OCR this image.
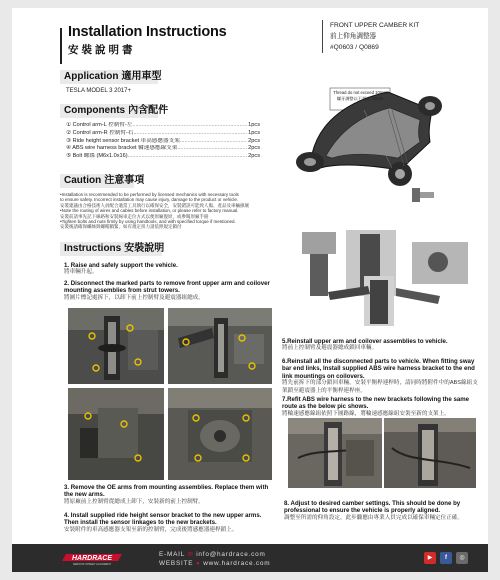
Installation Instructions
安裝說明書
FRONT UPPER CAMBER KIT
前上仰角調整器
#Q0603 / Q0869
Application 適用車型
TESLA MODEL 3 2017+
Components 內含配件
① Control arm-L 控制臂-左 .....	1pcs
② Control arm-R 控制臂-右 .....	1pcs
③ Ride height sensor bracket 車高感應器支架 .....	2pcs
④ ABS wire harness bracket 輪速感應線支架 .....	2pcs
⑤ Bolt 螺絲 (M6x1.0x16) .....	2pcs
Thread do not exceed 10mm
螺牙調整以不超過 10mm
Caution 注意事項
•Installation is recommended to be performed by licensed mechanics with necessary tools
to ensure safety. Incorrect installation may cause injury, damage to the product or vehicle.
安裝建議由合格技術人員配合適當工具執行以確保安全，安裝錯誤可能致人傷、產品及車輛損壞
•Note the routing of wires and cables before installation, or please refer to factory manual.
安裝前請事先記下線路和安裝線束走位方式以便原廠復原，或參閱原廠手冊
•Tighten bolts and nuts firmly by using handtools, and with specified torque if mentioned.
安裝後請確保螺絲與螺帽鎖緊，如有規定扭力請依照規定鎖付
Instructions 安裝說明
1. Raise and safely support the vehicle.
將車輛升起。
2. Disconnect the marked parts to remove front upper arm and coilover mounting assemblies from strut towers.
將圖片標記處拆下，以卸下前上控制臂及避震器組總成。
3. Remove the OE arms from mounting assemblies. Replace them with the new arms.
將原廠前上控制臂從總成上卸下，安裝新的前上控制臂。
4. Install supplied ride height sensor bracket to the new upper arms. Then install the sensor linkages to the new brackets.
安裝附件的車高感應器支架至新的控制臂，完成後將感應器連桿鎖上。
5.Reinstall upper arm and coilover assemblies to vehicle.
將前上控制臂及避震器總成鎖回車輛。
6.Reinstall all the disconnected parts to vehicle. When fitting sway bar end links, Install supplied ABS wire harness bracket to the end link mountings on coilovers.
將先前拆下的部分鎖回車輛，安裝平衡桿連桿時，請同時將附件中的ABS線組支架鎖至避震器上的平衡桿連桿座。
7.Refit ABS wire harness to the new brackets following the same route as the below pic shows.
將輪速感應線組依照下圖路線，將輪速感應線組安裝至新的支架上。
8. Adjust to desired camber settings. This should be done by professional to ensure the vehicle is properly aligned.
調整至所需的仰角設定，此步驟應由專業人員完成以確保車輛定位正確。
HARDRACE
SERIOUS STREET ALIGNMENT
E-MAIL ✉ info@hardrace.com
WEBSITE ● www.hardrace.com
▶	f	◎
